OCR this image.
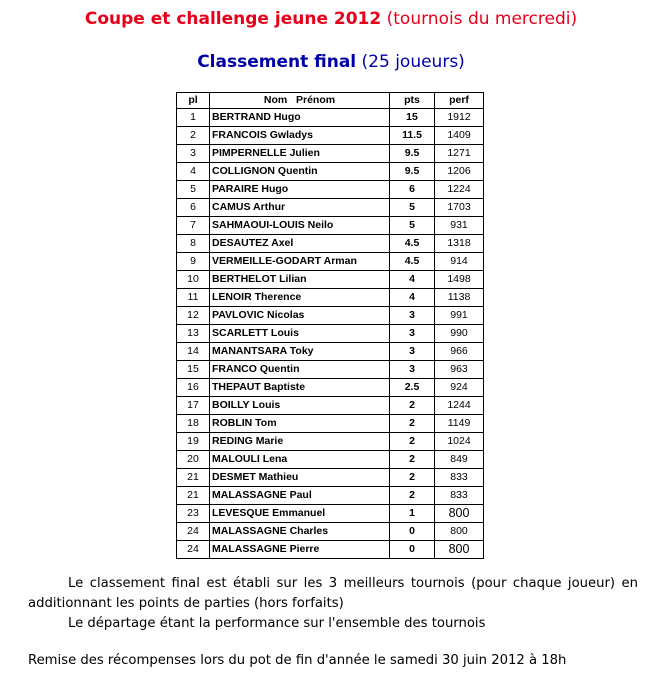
Coupe et challenge jeune 2012 (tournois du mercredi)
Classement final (25 joueurs)
pl	Nom   Prénom	pts	perf
1	BERTRAND Hugo	15	1912
2	FRANCOIS Gwladys	11.5	1409
3	PIMPERNELLE Julien	9.5	1271
4	COLLIGNON Quentin	9.5	1206
5	PARAIRE Hugo	6	1224
6	CAMUS Arthur	5	1703
7	SAHMAOUI-LOUIS Neilo	5	931
8	DESAUTEZ Axel	4.5	1318
9	VERMEILLE-GODART Arman	4.5	914
10	BERTHELOT Lilian	4	1498
11	LENOIR Therence	4	1138
12	PAVLOVIC Nicolas	3	991
13	SCARLETT Louis	3	990
14	MANANTSARA Toky	3	966
15	FRANCO Quentin	3	963
16	THEPAUT Baptiste	2.5	924
17	BOILLY Louis	2	1244
18	ROBLIN Tom	2	1149
19	REDING Marie	2	1024
20	MALOULI Lena	2	849
21	DESMET Mathieu	2	833
21	MALASSAGNE Paul	2	833
23	LEVESQUE Emmanuel	1	800
24	MALASSAGNE Charles	0	800
24	MALASSAGNE Pierre	0	800
Le classement final est établi sur les 3 meilleurs tournois (pour chaque joueur) en additionnant les points de parties (hors forfaits)
Le départage étant la performance sur l'ensemble des tournois
Remise des récompenses lors du pot de fin d'année le samedi 30 juin 2012 à 18h
